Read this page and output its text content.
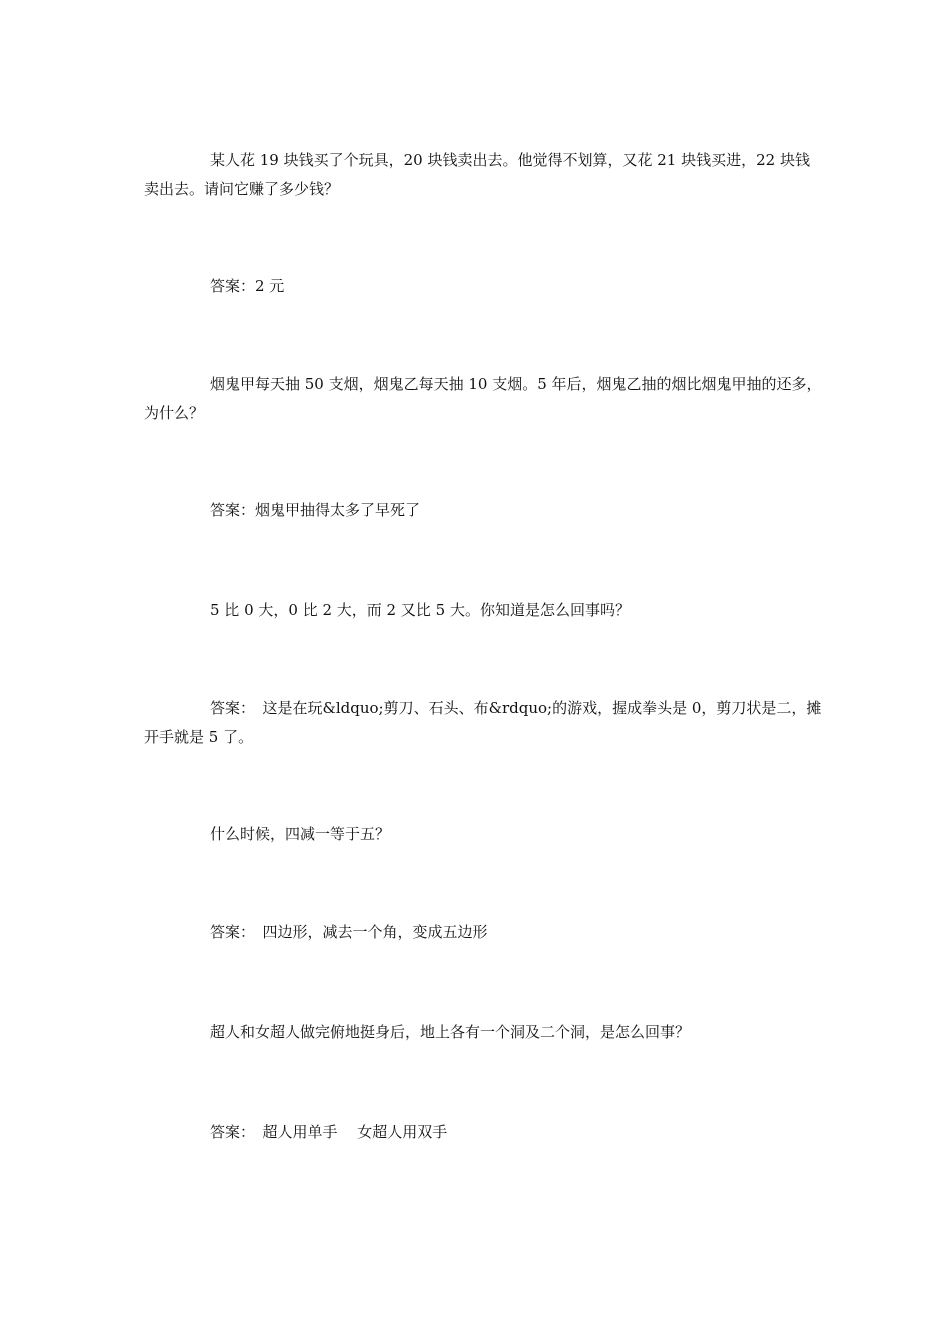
某人花 19 块钱买了个玩具，20 块钱卖出去。他觉得不划算，又花 21 块钱买进，22 块钱卖出去。请问它赚了多少钱？

答案：2 元

烟鬼甲每天抽 50 支烟，烟鬼乙每天抽 10 支烟。5 年后，烟鬼乙抽的烟比烟鬼甲抽的还多，为什么？

答案：烟鬼甲抽得太多了早死了

5 比 0 大，0 比 2 大，而 2 又比 5 大。你知道是怎么回事吗？

答案：　这是在玩&ldquo;剪刀、石头、布&rdquo;的游戏，握成拳头是 0，剪刀状是二，摊开手就是 5 了。

什么时候，四减一等于五？

答案：　四边形，减去一个角，变成五边形

超人和女超人做完俯地挺身后，地上各有一个洞及二个洞，是怎么回事？

答案：　超人用单手　 女超人用双手
